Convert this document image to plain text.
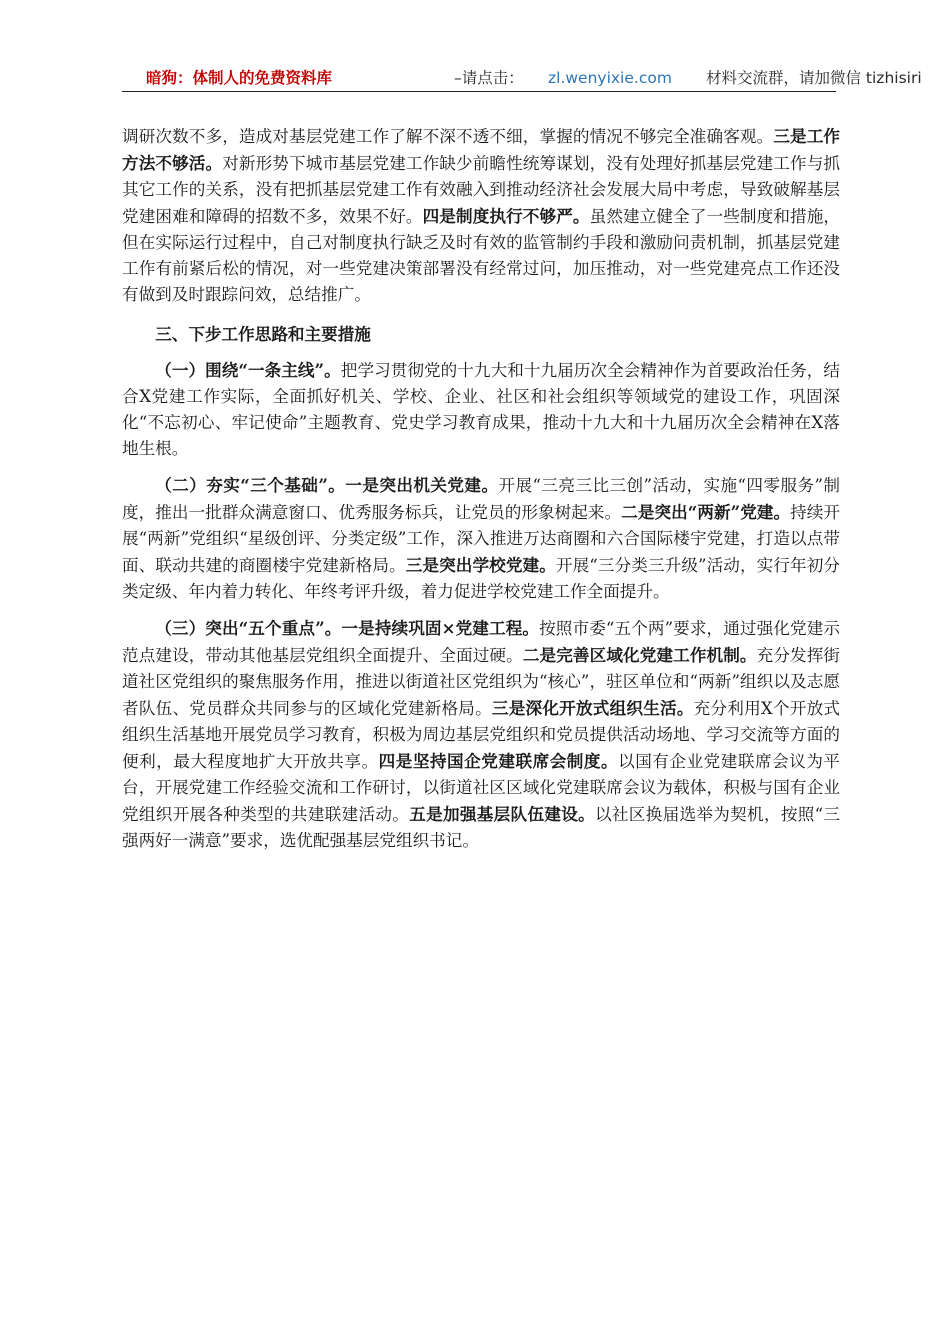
暗狗：体制人的免费资料库	–请点击： zl.wenyixie.com 材料交流群，请加微信 tizhisiri

调研次数不多，造成对基层党建工作了解不深不透不细，掌握的情况不够完全准确客观。三是工作方法不够活。对新形势下城市基层党建工作缺少前瞻性统筹谋划，没有处理好抓基层党建工作与抓其它工作的关系，没有把抓基层党建工作有效融入到推动经济社会发展大局中考虑，导致破解基层党建困难和障碍的招数不多，效果不好。四是制度执行不够严。虽然建立健全了一些制度和措施，但在实际运行过程中，自己对制度执行缺乏及时有效的监管制约手段和激励问责机制，抓基层党建工作有前紧后松的情况，对一些党建决策部署没有经常过问，加压推动，对一些党建亮点工作还没有做到及时跟踪问效，总结推广。

三、下步工作思路和主要措施

（一）围绕“一条主线”。把学习贯彻党的十九大和十九届历次全会精神作为首要政治任务，结合X党建工作实际，全面抓好机关、学校、企业、社区和社会组织等领域党的建设工作，巩固深化“不忘初心、牢记使命”主题教育、党史学习教育成果，推动十九大和十九届历次全会精神在X落地生根。

（二）夯实“三个基础”。一是突出机关党建。开展“三亮三比三创”活动，实施“四零服务”制度，推出一批群众满意窗口、优秀服务标兵，让党员的形象树起来。二是突出“两新”党建。持续开展“两新”党组织“星级创评、分类定级”工作，深入推进万达商圈和六合国际楼宇党建，打造以点带面、联动共建的商圈楼宇党建新格局。三是突出学校党建。开展“三分类三升级”活动，实行年初分类定级、年内着力转化、年终考评升级，着力促进学校党建工作全面提升。

（三）突出“五个重点”。一是持续巩固×党建工程。按照市委“五个两”要求，通过强化党建示范点建设，带动其他基层党组织全面提升、全面过硬。二是完善区域化党建工作机制。充分发挥街道社区党组织的聚焦服务作用，推进以街道社区党组织为“核心”，驻区单位和“两新”组织以及志愿者队伍、党员群众共同参与的区域化党建新格局。三是深化开放式组织生活。充分利用X个开放式组织生活基地开展党员学习教育，积极为周边基层党组织和党员提供活动场地、学习交流等方面的便利，最大程度地扩大开放共享。四是坚持国企党建联席会制度。以国有企业党建联席会议为平台，开展党建工作经验交流和工作研讨，以街道社区区域化党建联席会议为载体，积极与国有企业党组织开展各种类型的共建联建活动。五是加强基层队伍建设。以社区换届选举为契机，按照“三强两好一满意”要求，选优配强基层党组织书记。
